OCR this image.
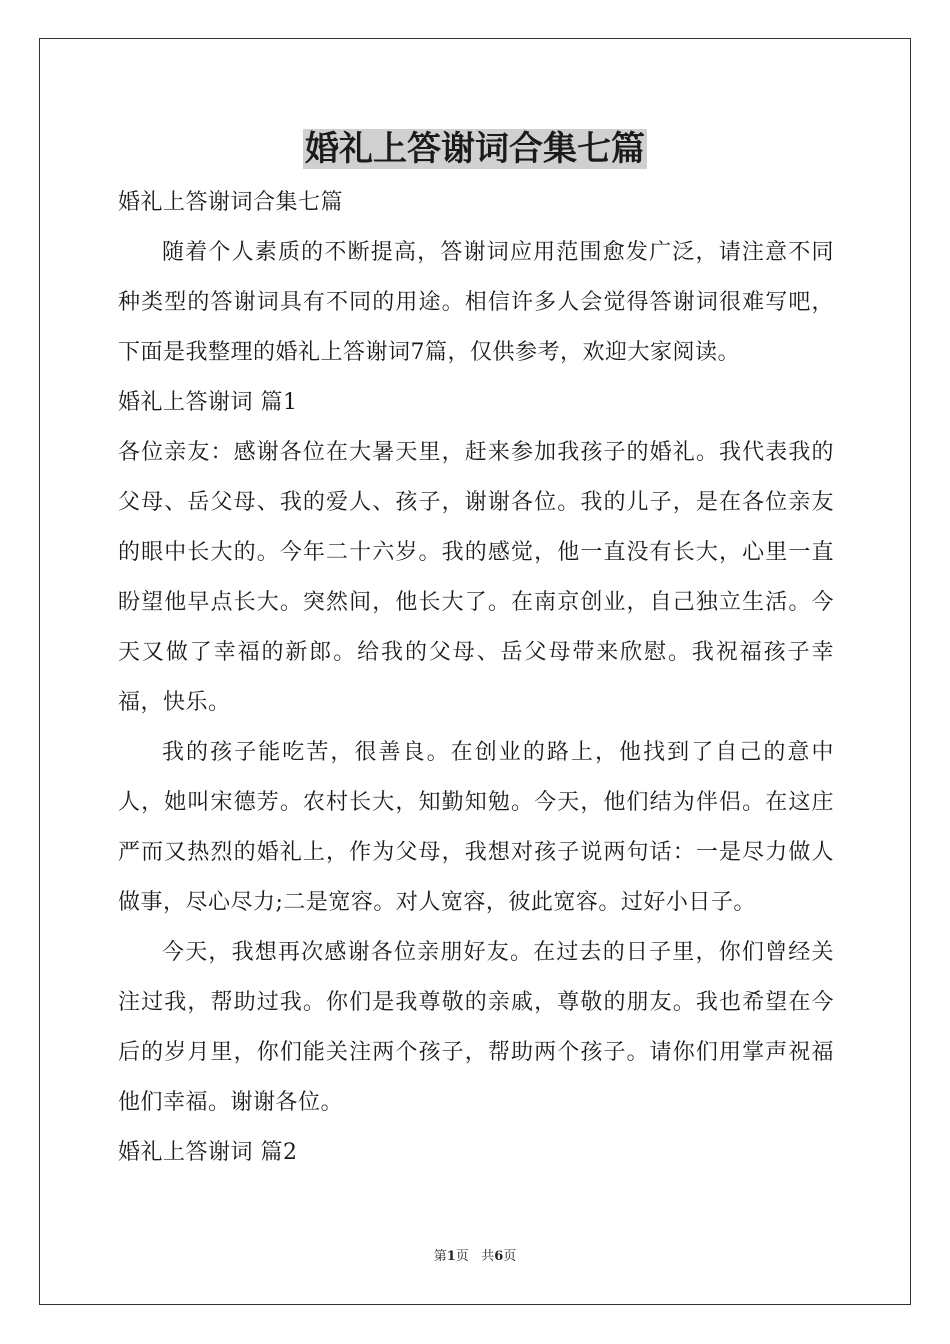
婚礼上答谢词合集七篇

婚礼上答谢词合集七篇

随着个人素质的不断提高，答谢词应用范围愈发广泛，请注意不同种类型的答谢词具有不同的用途。相信许多人会觉得答谢词很难写吧，下面是我整理的婚礼上答谢词7篇，仅供参考，欢迎大家阅读。

婚礼上答谢词 篇1

各位亲友：感谢各位在大暑天里，赶来参加我孩子的婚礼。我代表我的父母、岳父母、我的爱人、孩子，谢谢各位。我的儿子，是在各位亲友的眼中长大的。今年二十六岁。我的感觉，他一直没有长大，心里一直盼望他早点长大。突然间，他长大了。在南京创业，自己独立生活。今天又做了幸福的新郎。给我的父母、岳父母带来欣慰。我祝福孩子幸福，快乐。

我的孩子能吃苦，很善良。在创业的路上，他找到了自己的意中人，她叫宋德芳。农村长大，知勤知勉。今天，他们结为伴侣。在这庄严而又热烈的婚礼上，作为父母，我想对孩子说两句话：一是尽力做人做事，尽心尽力;二是宽容。对人宽容，彼此宽容。过好小日子。

今天，我想再次感谢各位亲朋好友。在过去的日子里，你们曾经关注过我，帮助过我。你们是我尊敬的亲戚，尊敬的朋友。我也希望在今后的岁月里，你们能关注两个孩子，帮助两个孩子。请你们用掌声祝福他们幸福。谢谢各位。

婚礼上答谢词 篇2

第1页 共6页
